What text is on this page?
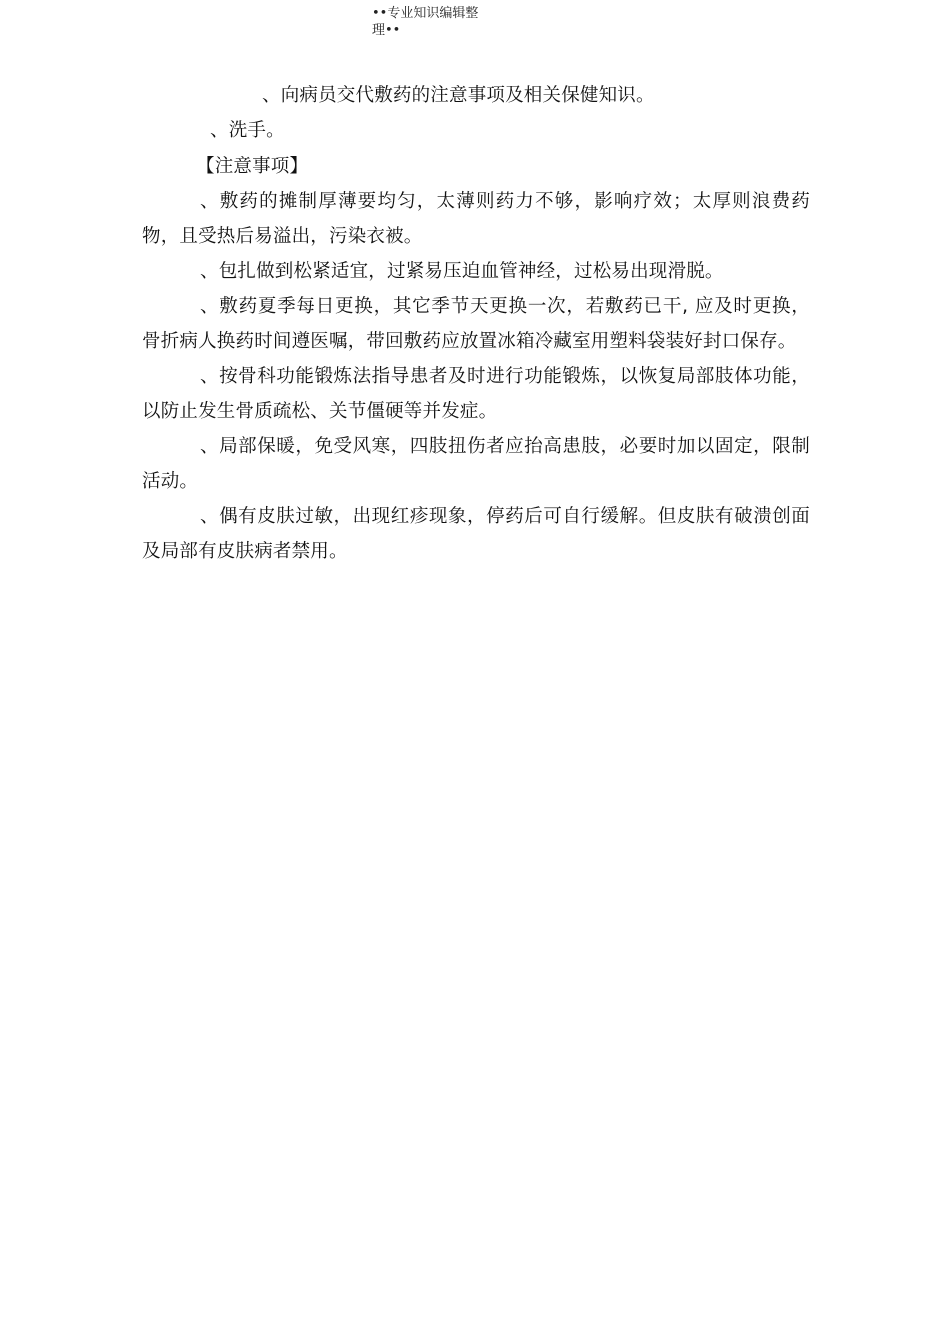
••专业知识编辑整
理••

、向病员交代敷药的注意事项及相关保健知识。

、洗手。

【注意事项】

、敷药的摊制厚薄要均匀，太薄则药力不够，影响疗效；太厚则浪费药物，且受热后易溢出，污染衣被。

、包扎做到松紧适宜，过紧易压迫血管神经，过松易出现滑脱。

、敷药夏季每日更换，其它季节天更换一次，若敷药已干, 应及时更换，骨折病人换药时间遵医嘱，带回敷药应放置冰箱冷藏室用塑料袋装好封口保存。

、按骨科功能锻炼法指导患者及时进行功能锻炼，以恢复局部肢体功能，以防止发生骨质疏松、关节僵硬等并发症。

、局部保暖，免受风寒，四肢扭伤者应抬高患肢，必要时加以固定，限制活动。

、偶有皮肤过敏，出现红疹现象，停药后可自行缓解。但皮肤有破溃创面及局部有皮肤病者禁用。
